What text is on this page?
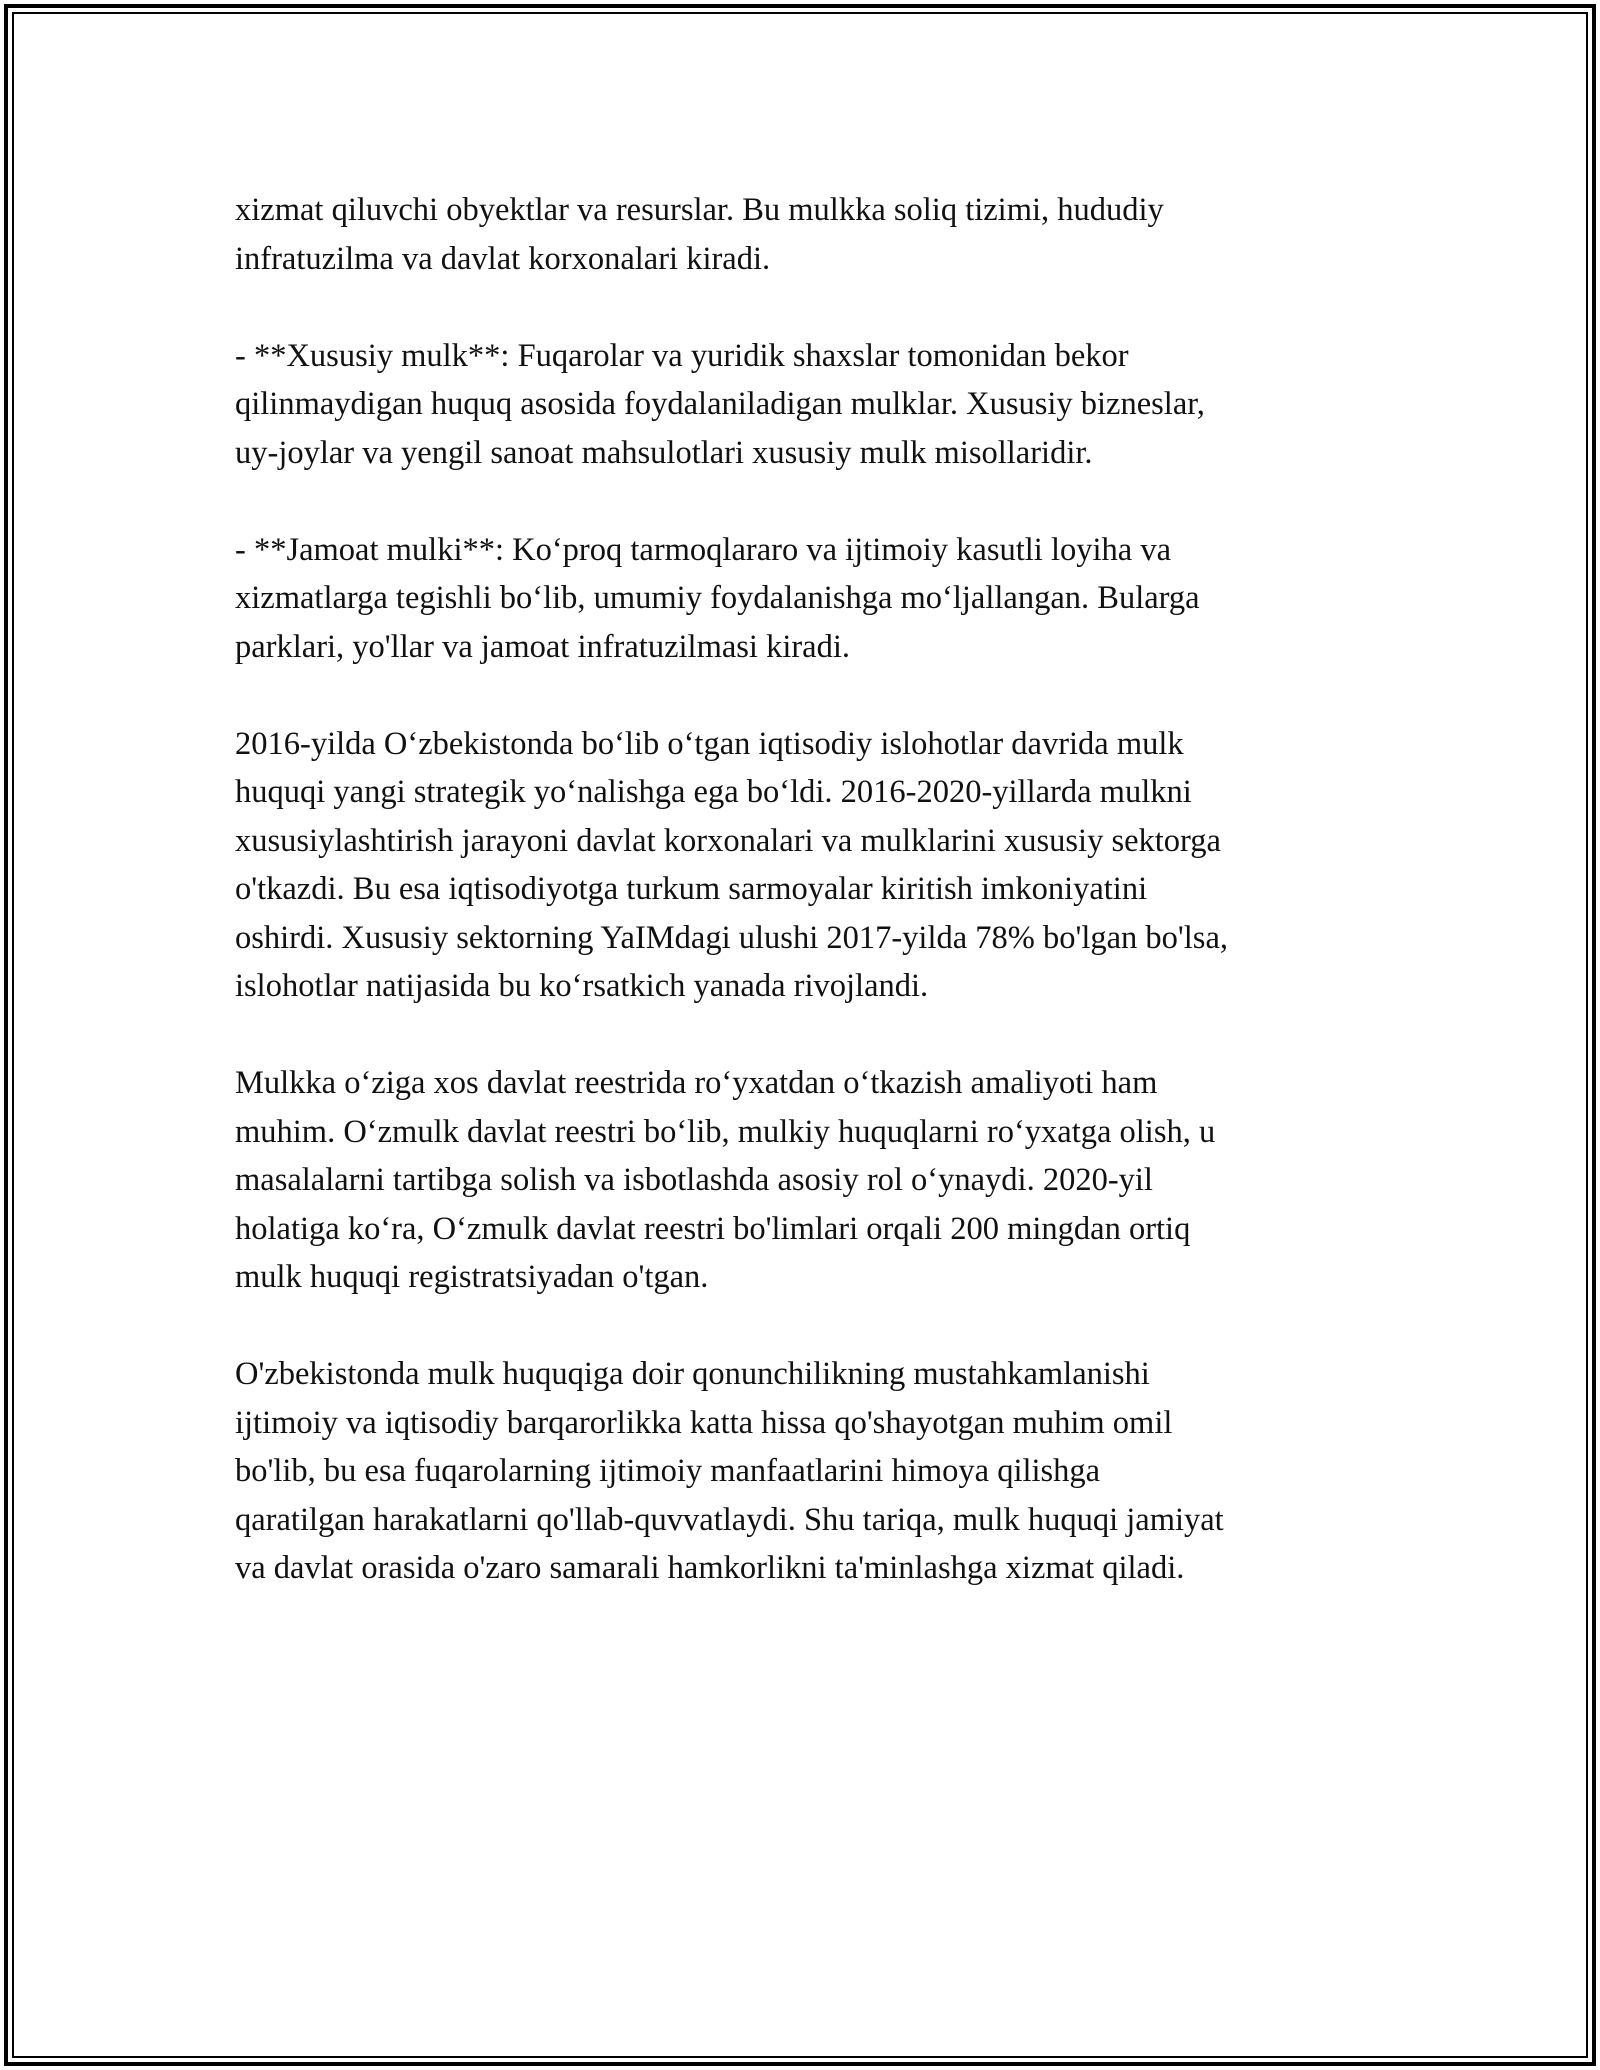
xizmat qiluvchi obyektlar va resurslar. Bu mulkka soliq tizimi, hududiy
infratuzilma va davlat korxonalari kiradi.

- **Xususiy mulk**: Fuqarolar va yuridik shaxslar tomonidan bekor
qilinmaydigan huquq asosida foydalaniladigan mulklar. Xususiy bizneslar,
uy-joylar va yengil sanoat mahsulotlari xususiy mulk misollaridir.

- **Jamoat mulki**: Koʻproq tarmoqlararo va ijtimoiy kasutli loyiha va
xizmatlarga tegishli boʻlib, umumiy foydalanishga moʻljallangan. Bularga
parklari, yo'llar va jamoat infratuzilmasi kiradi.

2016-yilda Oʻzbekistonda boʻlib oʻtgan iqtisodiy islohotlar davrida mulk
huquqi yangi strategik yoʻnalishga ega boʻldi. 2016-2020-yillarda mulkni
xususiylashtirish jarayoni davlat korxonalari va mulklarini xususiy sektorga
o'tkazdi. Bu esa iqtisodiyotga turkum sarmoyalar kiritish imkoniyatini
oshirdi. Xususiy sektorning YaIMdagi ulushi 2017-yilda 78% bo'lgan bo'lsa,
islohotlar natijasida bu koʻrsatkich yanada rivojlandi.

Mulkka oʻziga xos davlat reestrida roʻyxatdan oʻtkazish amaliyoti ham
muhim. Oʻzmulk davlat reestri boʻlib, mulkiy huquqlarni roʻyxatga olish, u
masalalarni tartibga solish va isbotlashda asosiy rol oʻynaydi. 2020-yil
holatiga koʻra, Oʻzmulk davlat reestri bo'limlari orqali 200 mingdan ortiq
mulk huquqi registratsiyadan o'tgan.

O'zbekistonda mulk huquqiga doir qonunchilikning mustahkamlanishi
ijtimoiy va iqtisodiy barqarorlikka katta hissa qo'shayotgan muhim omil
bo'lib, bu esa fuqarolarning ijtimoiy manfaatlarini himoya qilishga
qaratilgan harakatlarni qo'llab-quvvatlaydi. Shu tariqa, mulk huquqi jamiyat
va davlat orasida o'zaro samarali hamkorlikni ta'minlashga xizmat qiladi.
